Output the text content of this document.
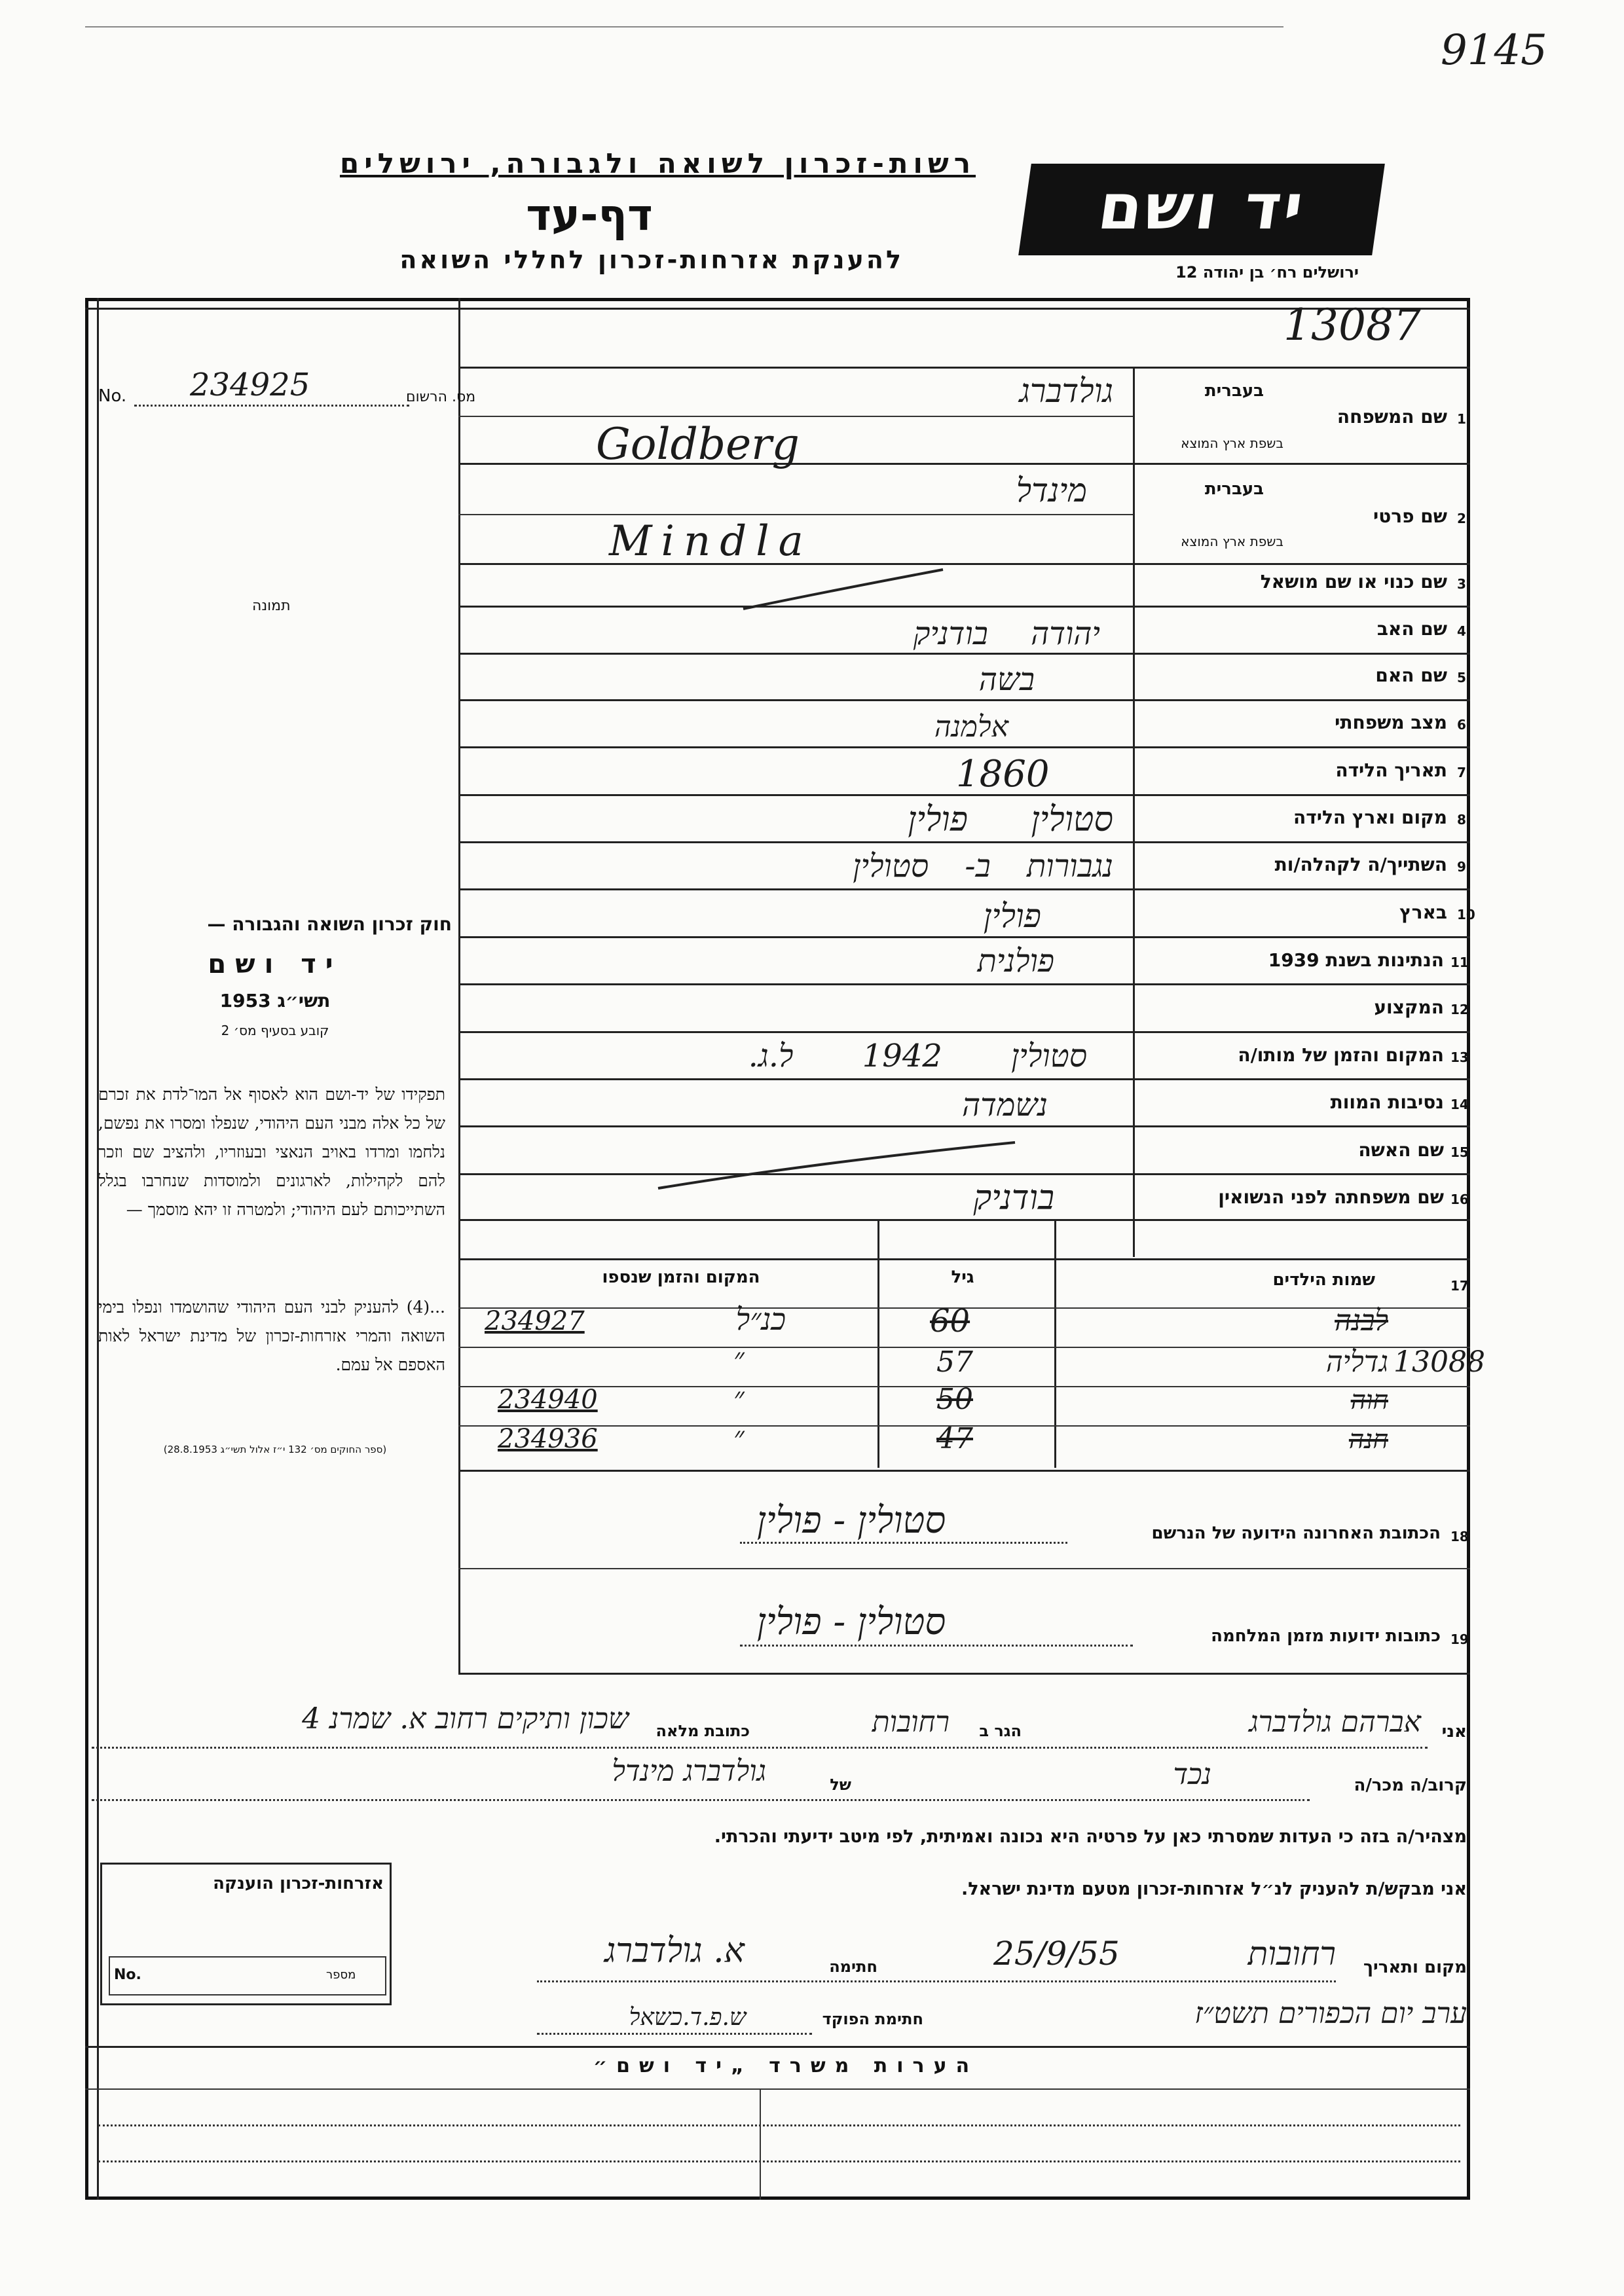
9145
רשות-זכרון לשואה ולגבורה, ירושלים
דף-עד
להענקת אזרחות-זכרון לחללי השואה
יד ושם
ירושלים רח׳ בן יהודה 12
13087
No. 234925	מס. הרשום
תמונה
1
שם המשפחה
בעברית
בשפת ארץ המוצא
גולדברג
Goldberg
2
שם פרטי
בעברית
בשפת ארץ המוצא
מינדל
Mindla
3
שם כנוי או שם מושאל
4
שם האב
יהודה בודניק
5
שם האם
בשה
6
מצב משפחתי
אלמנה
7
תאריך הלידה
1860
8
מקום וארץ הלידה
סטולין פולין
9
השתייך/ה לקהלה/ות
נגבורות ב- סטולין
10
בארץ
פולין
11
הנתינות בשנת 1939
פולנית
12
המקצוע
13
המקום והזמן של מותו/ה
סטולין 1942 ל.ג.
14
נסיבות המוות
נשמדה
15
שם האשה
16
שם משפחתה לפני הנשואין
בודניק
חוק זכרון השואה והגבורה —
יד ושם
תשי״ג 1953
קובע בסעיף מס׳ 2
תפקידו של יד-ושם הוא לאסוף אל המו־לדת את זכרם של כל אלה מבני העם היהודי, שנפלו ומסרו את נפשם, נלחמו ומרדו באויב הנאצי ובעוזריו, ולהציב שם וזכר להם לקהילות, לארגונים ולמוסדות שנחרבו בגלל השתייכותם לעם היהודי; ולמטרה זו יהא מוסמך —
...(4) להעניק לבני העם היהודי שהושמדו ונפלו בימי השואה והמרי אזרחות-זכרון של מדינת ישראל לאות האספם אל עמם.
(ספר החוקים מס׳ 132 י״ז אלול תשי״ג 28.8.1953)
17
שמות הילדים
גיל
המקום והזמן שנספו
לבנה
60
כנ״ל
234927
גדליה 13088
57
״
חוה
50
״
234940
חנה
47
״
234936
18
הכתובת האחרונה הידועה של הנרשם
סטולין - פולין
19
כתובות ידועות מזמן המלחמה
סטולין - פולין
אני
אברהם גולדברג
הגר ב
רחובות
כתובת מלאה
שכון ותיקים רחוב א. שמרנ 4
קרוב/ה מכר/ה
נכד
של
גולדברג מינדל
מצהיר/ה בזה כי העדות שמסרתי כאן על פרטיה היא נכונה ואמיתית, לפי מיטב ידיעתי והכרתי.
אני מבקש/ת להעניק לנ״ל אזרחות-זכרון מטעם מדינת ישראל.
מקום ותאריך
רחובות 25/9/55
חתימה
א. גולדברג
ערב יום הכפורים תשט״ז
חתימת הפוקד
ש.פ.ד.כשאל
אזרחות-זכרון הוענקה
No.	מספר
הערות משרד „יד ושם״
